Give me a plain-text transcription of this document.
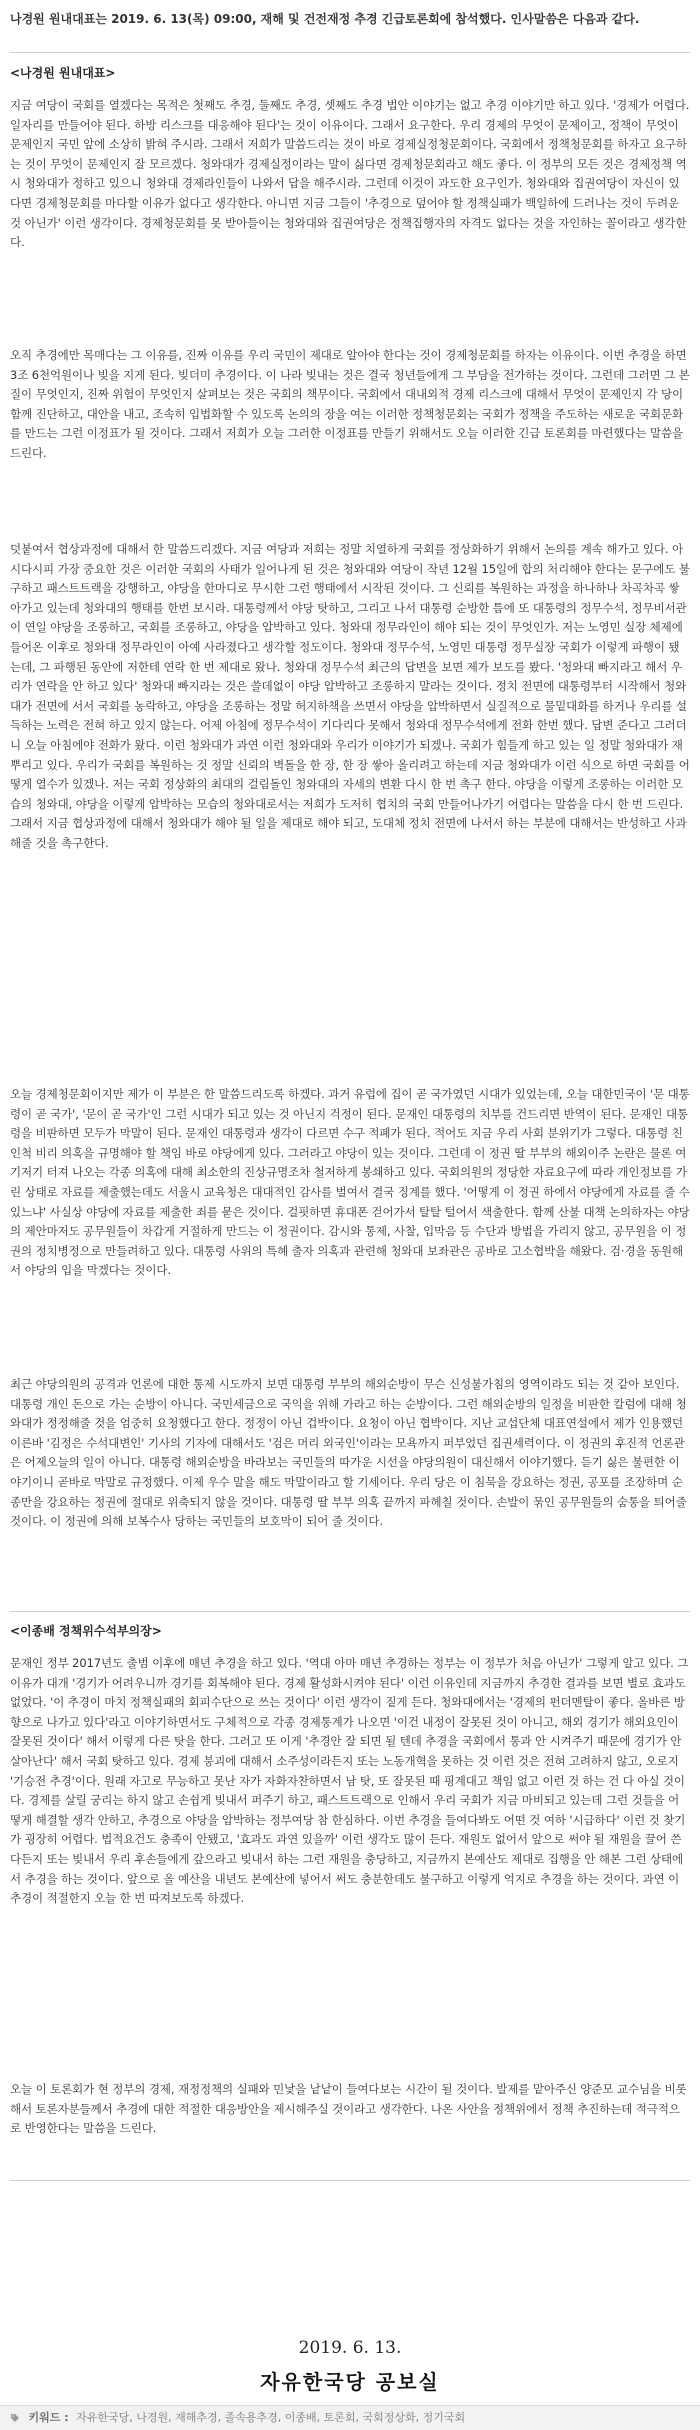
나경원 원내대표는 2019. 6. 13(목) 09:00, 재해 및 건전재정 추경 긴급토론회에 참석했다. 인사말씀은 다음과 같다.
<나경원 원내대표>
지금 여당이 국회를 열겠다는 목적은 첫째도 추경, 둘째도 추경, 셋째도 추경 법안 이야기는 없고 추경 이야기만 하고 있다. '경제가 어렵다. 일자리를 만들어야 된다. 하방 리스크를 대응해야 된다'는 것이 이유이다. 그래서 요구한다. 우리 경제의 무엇이 문제이고, 정책이 무엇이 문제인지 국민 앞에 소상히 밝혀 주시라. 그래서 저희가 말씀드리는 것이 바로 경제실정청문회이다. 국회에서 정책청문회를 하자고 요구하는 것이 무엇이 문제인지 잘 모르겠다. 청와대가 경제실정이라는 말이 싫다면 경제청문회라고 해도 좋다. 이 정부의 모든 것은 경제정책 역시 청와대가 정하고 있으니 청와대 경제라인들이 나와서 답을 해주시라. 그런데 이것이 과도한 요구인가. 청와대와 집권여당이 자신이 있다면 경제청문회를 마다할 이유가 없다고 생각한다. 아니면 지금 그들이 '추경으로 덮어야 할 정책실패가 백일하에 드러나는 것이 두려운 것 아닌가' 이런 생각이다. 경제청문회를 못 받아들이는 청와대와 집권여당은 정책집행자의 자격도 없다는 것을 자인하는 꼴이라고 생각한다.
오직 추경에만 목매다는 그 이유를, 진짜 이유를 우리 국민이 제대로 알아야 한다는 것이 경제청문회를 하자는 이유이다. 이번 추경을 하면 3조 6천억원이나 빚을 지게 된다. 빚더미 추경이다. 이 나라 빚내는 것은 결국 청년들에게 그 부담을 전가하는 것이다. 그런데 그러면 그 본질이 무엇인지, 진짜 위험이 무엇인지 살펴보는 것은 국회의 책무이다. 국회에서 대내외적 경제 리스크에 대해서 무엇이 문제인지 각 당이 함께 진단하고, 대안을 내고, 조속히 입법화할 수 있도록 논의의 장을 여는 이러한 정책청문회는 국회가 정책을 주도하는 새로운 국회문화를 만드는 그런 이정표가 될 것이다. 그래서 저희가 오늘 그러한 이정표를 만들기 위해서도 오늘 이러한 긴급 토론회를 마련했다는 말씀을 드린다.
덧붙여서 협상과정에 대해서 한 말씀드리겠다. 지금 여당과 저희는 정말 치열하게 국회를 정상화하기 위해서 논의를 계속 해가고 있다. 아시다시피 가장 중요한 것은 이러한 국회의 사태가 일어나게 된 것은 청와대와 여당이 작년 12월 15일에 합의 처리해야 한다는 문구에도 불구하고 패스트트랙을 강행하고, 야당을 한마디로 무시한 그런 행태에서 시작된 것이다. 그 신뢰를 복원하는 과정을 하나하나 차곡차곡 쌓아가고 있는데 청와대의 행태를 한번 보시라. 대통령께서 야당 탓하고, 그리고 나서 대통령 순방한 틈에 또 대통령의 정무수석, 정무비서관이 연일 야당을 조롱하고, 국회를 조롱하고, 야당을 압박하고 있다. 청와대 정무라인이 해야 되는 것이 무엇인가. 저는 노영민 실장 체제에 들어온 이후로 청와대 정무라인이 아예 사라졌다고 생각할 정도이다. 청와대 정무수석, 노영민 대통령 정무실장 국회가 이렇게 파행이 됐는데, 그 파행된 동안에 저한테 연락 한 번 제대로 왔나. 청와대 정무수석 최근의 답변을 보면 제가 보도를 봤다. '청와대 빠지라고 해서 우리가 연락을 안 하고 있다' 청와대 빠지라는 것은 쓸데없이 야당 압박하고 조롱하지 말라는 것이다. 정치 전면에 대통령부터 시작해서 청와대가 전면에 서서 국회를 농락하고, 야당을 조롱하는 정말 허지하책을 쓰면서 야당을 압박하면서 실질적으로 물밑대화를 하거나 우리를 설득하는 노력은 전혀 하고 있지 않는다. 어제 아침에 정무수석이 기다리다 못해서 청와대 정무수석에게 전화 한번 했다. 답변 준다고 그러더니 오늘 아침에야 전화가 왔다. 이런 청와대가 과연 이런 청와대와 우리가 이야기가 되겠나. 국회가 힘들게 하고 있는 일 정말 청와대가 재 뿌리고 있다. 우리가 국회를 복원하는 것 정말 신뢰의 벽돌을 한 장, 한 장 쌓아 올리려고 하는데 지금 청와대가 이런 식으로 하면 국회를 어떻게 열수가 있겠나. 저는 국회 정상화의 최대의 걸림돌인 청와대의 자세의 변환 다시 한 번 촉구 한다. 야당을 이렇게 조롱하는 이러한 모습의 청와대, 야당을 이렇게 압박하는 모습의 청와대로서는 저희가 도저히 협치의 국회 만들어나가기 어렵다는 말씀을 다시 한 번 드린다. 그래서 지금 협상과정에 대해서 청와대가 해야 될 일을 제대로 해야 되고, 도대체 정치 전면에 나서서 하는 부분에 대해서는 반성하고 사과해줄 것을 촉구한다.
오늘 경제청문회이지만 제가 이 부분은 한 말씀드리도록 하겠다. 과거 유럽에 집이 곧 국가였던 시대가 있었는데, 오늘 대한민국이 '문 대통령이 곧 국가', '문이 곧 국가'인 그런 시대가 되고 있는 것 아닌지 걱정이 된다. 문재인 대통령의 치부를 건드리면 반역이 된다. 문재인 대통령을 비판하면 모두가 막말이 된다. 문재인 대통령과 생각이 다르면 수구 적폐가 된다. 적어도 지금 우리 사회 분위기가 그렇다. 대통령 친인척 비리 의혹을 규명해야 할 책임 바로 야당에게 있다. 그러라고 야당이 있는 것이다. 그런데 이 정권 딸 부부의 해외이주 논란은 물론 여기저기 터져 나오는 각종 의혹에 대해 최소한의 진상규명조차 철저하게 봉쇄하고 있다. 국회의원의 정당한 자료요구에 따라 개인정보를 가린 상태로 자료를 제출했는데도 서울시 교육청은 대대적인 감사를 벌여서 결국 징계를 했다. '어떻게 이 정권 하에서 야당에게 자료를 줄 수 있느냐' 사실상 야당에 자료를 제출한 죄를 묻은 것이다. 걸핏하면 휴대폰 걷어가서 탈탈 털어서 색출한다. 함께 산불 대책 논의하자는 야당의 제안마저도 공무원들이 차갑게 거절하게 만드는 이 정권이다. 감시와 통제, 사찰, 입막음 등 수단과 방법을 가리지 않고, 공무원을 이 정권의 정치병정으로 만들려하고 있다. 대통령 사위의 특혜 출자 의혹과 관련해 청와대 보좌관은 공바로 고소협박을 해왔다. 검·경을 동원해서 야당의 입을 막겠다는 것이다.
최근 야당의원의 공격과 언론에 대한 통제 시도까지 보면 대통령 부부의 해외순방이 무슨 신성불가침의 영역이라도 되는 것 같아 보인다. 대통령 개인 돈으로 가는 순방이 아니다. 국민세금으로 국익을 위해 가라고 하는 순방이다. 그런 해외순방의 일정을 비판한 칼럼에 대해 청와대가 정정해줄 것을 엄중히 요청했다고 한다. 정정이 아닌 겁박이다. 요청이 아닌 협박이다. 지난 교섭단체 대표연설에서 제가 인용했던 이른바 '김정은 수석대변인' 기사의 기자에 대해서도 '검은 머리 외국인'이라는 모욕까지 퍼부었던 집권세력이다. 이 정권의 후진적 언론관은 어제오늘의 일이 아니다. 대통령 해외순방을 바라보는 국민들의 따가운 시선을 야당의원이 대신해서 이야기했다. 듣기 싫은 불편한 이야기이니 곧바로 막말로 규정했다. 이제 우수 말을 해도 막말이라고 할 기세이다. 우리 당은 이 침묵을 강요하는 정권, 공포를 조장하며 순종만을 강요하는 정권에 절대로 위축되지 않을 것이다. 대통령 딸 부부 의혹 끝까지 파헤칠 것이다. 손발이 묶인 공무원들의 숨통을 틔어줄 것이다. 이 정권에 의해 보복수사 당하는 국민들의 보호막이 되어 줄 것이다.
<이종배 정책위수석부의장>
문재인 정부 2017년도 출범 이후에 매년 추경을 하고 있다. '역대 아마 매년 추경하는 정부는 이 정부가 처음 아닌가' 그렇게 알고 있다. 그 이유가 대개 '경기가 어려우니까 경기를 회복해야 된다. 경제 활성화시켜야 된다' 이런 이유인데 지금까지 추경한 결과를 보면 별로 효과도 없었다. '이 추경이 마치 정책실패의 회피수단으로 쓰는 것이다' 이런 생각이 짙게 든다. 청와대에서는 '경제의 펀더멘탈이 좋다. 올바른 방향으로 나가고 있다'라고 이야기하면서도 구체적으로 각종 경제통계가 나오면 '이건 내정이 잘못된 것이 아니고, 해외 경기가 해외요인이 잘못된 것이다' 해서 이렇게 다른 탓을 한다. 그러고 또 이게 '추경안 잘 되면 될 텐데 추경을 국회에서 통과 안 시켜주기 때문에 경기가 안 살아난다' 해서 국회 탓하고 있다. 경제 붕괴에 대해서 소주성이라든지 또는 노동개혁을 못하는 것 이런 것은 전혀 고려하지 않고, 오로지 '기승전 추경'이다. 원래 자고로 무능하고 못난 자가 자화자찬하면서 남 탓, 또 잘못된 때 핑계대고 책임 없고 이런 것 하는 건 다 아실 것이다. 경제를 살릴 궁리는 하지 않고 손쉽게 빚내서 퍼주기 하고, 패스트트랙으로 인해서 우리 국회가 지금 마비되고 있는데 그런 것들을 어떻게 해결할 생각 안하고, 추경으로 야당을 압박하는 정부여당 참 한심하다. 이번 추경을 들여다봐도 어떤 것 여하 '시급하다' 이런 것 찾기가 굉장히 어렵다. 법적요건도 충족이 안됐고, '효과도 과연 있을까' 이런 생각도 많이 든다. 재원도 없어서 앞으로 써야 될 재원을 끌어 쓴다든지 또는 빚내서 우리 후손들에게 갚으라고 빚내서 하는 그런 재원을 충당하고, 지금까지 본예산도 제대로 집행을 안 해본 그런 상태에서 추경을 하는 것이다. 앞으로 올 예산을 내년도 본예산에 넣어서 써도 충분한데도 불구하고 이렇게 억지로 추경을 하는 것이다. 과연 이 추경이 적절한지 오늘 한 번 따져보도록 하겠다.
오늘 이 토론회가 현 정부의 경제, 재정정책의 실패와 민낯을 낱낱이 들여다보는 시간이 될 것이다. 발제를 맡아주신 양준모 교수님을 비롯해서 토론자분들께서 추경에 대한 적절한 대응방안을 제시해주실 것이라고 생각한다. 나온 사안을 정책위에서 정책 추진하는데 적극적으로 반영한다는 말씀을 드린다.
2019. 6. 13.
자유한국당 공보실
키워드 : 자유한국당, 나경원, 재해추경, 졸속용추경, 이종배, 토론회, 국회정상화, 정기국회
